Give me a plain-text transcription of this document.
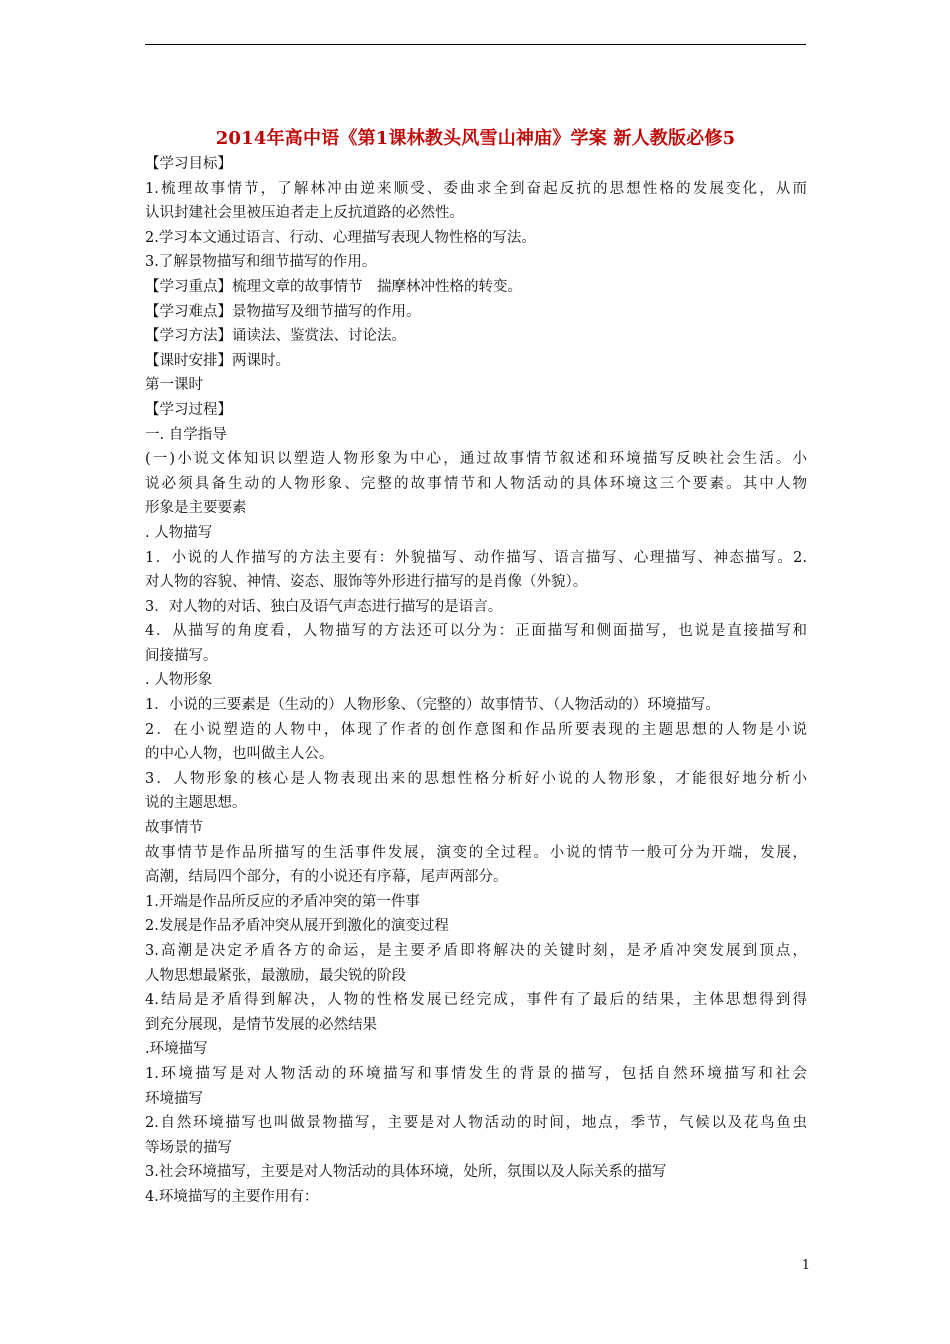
2014年高中语《第1课林教头风雪山神庙》学案 新人教版必修5
【学习目标】
1.梳理故事情节，了解林冲由逆来顺受、委曲求全到奋起反抗的思想性格的发展变化，从而
认识封建社会里被压迫者走上反抗道路的必然性。
2.学习本文通过语言、行动、心理描写表现人物性格的写法。
3.了解景物描写和细节描写的作用。
【学习重点】梳理文章的故事情节　揣摩林冲性格的转变。
【学习难点】景物描写及细节描写的作用。
【学习方法】诵读法、鉴赏法、讨论法。
【课时安排】两课时。
第一课时
【学习过程】
一. 自学指导
(一)小说文体知识以塑造人物形象为中心，通过故事情节叙述和环境描写反映社会生活。小
说必须具备生动的人物形象、完整的故事情节和人物活动的具体环境这三个要素。其中人物
形象是主要要素
. 人物描写
1．小说的人作描写的方法主要有：外貌描写、动作描写、语言描写、心理描写、神态描写。2.
对人物的容貌、神情、姿态、服饰等外形进行描写的是肖像（外貌）。
3．对人物的对话、独白及语气声态进行描写的是语言。
4．从描写的角度看，人物描写的方法还可以分为：正面描写和侧面描写，也说是直接描写和
间接描写。
. 人物形象
1．小说的三要素是（生动的）人物形象、（完整的）故事情节、（人物活动的）环境描写。
2．在小说塑造的人物中，体现了作者的创作意图和作品所要表现的主题思想的人物是小说
的中心人物，也叫做主人公。
3．人物形象的核心是人物表现出来的思想性格分析好小说的人物形象，才能很好地分析小
说的主题思想。
故事情节
故事情节是作品所描写的生活事件发展，演变的全过程。小说的情节一般可分为开端，发展，
高潮，结局四个部分，有的小说还有序幕，尾声两部分。
1.开端是作品所反应的矛盾冲突的第一件事
2.发展是作品矛盾冲突从展开到激化的演变过程
3.高潮是决定矛盾各方的命运，是主要矛盾即将解决的关键时刻，是矛盾冲突发展到顶点，
人物思想最紧张，最激励，最尖锐的阶段
4.结局是矛盾得到解决，人物的性格发展已经完成，事件有了最后的结果，主体思想得到得
到充分展现，是情节发展的必然结果
.环境描写
1.环境描写是对人物活动的环境描写和事情发生的背景的描写，包括自然环境描写和社会
环境描写
2.自然环境描写也叫做景物描写，主要是对人物活动的时间，地点，季节，气候以及花鸟鱼虫
等场景的描写
3.社会环境描写，主要是对人物活动的具体环境，处所，氛围以及人际关系的描写
4.环境描写的主要作用有：
1
